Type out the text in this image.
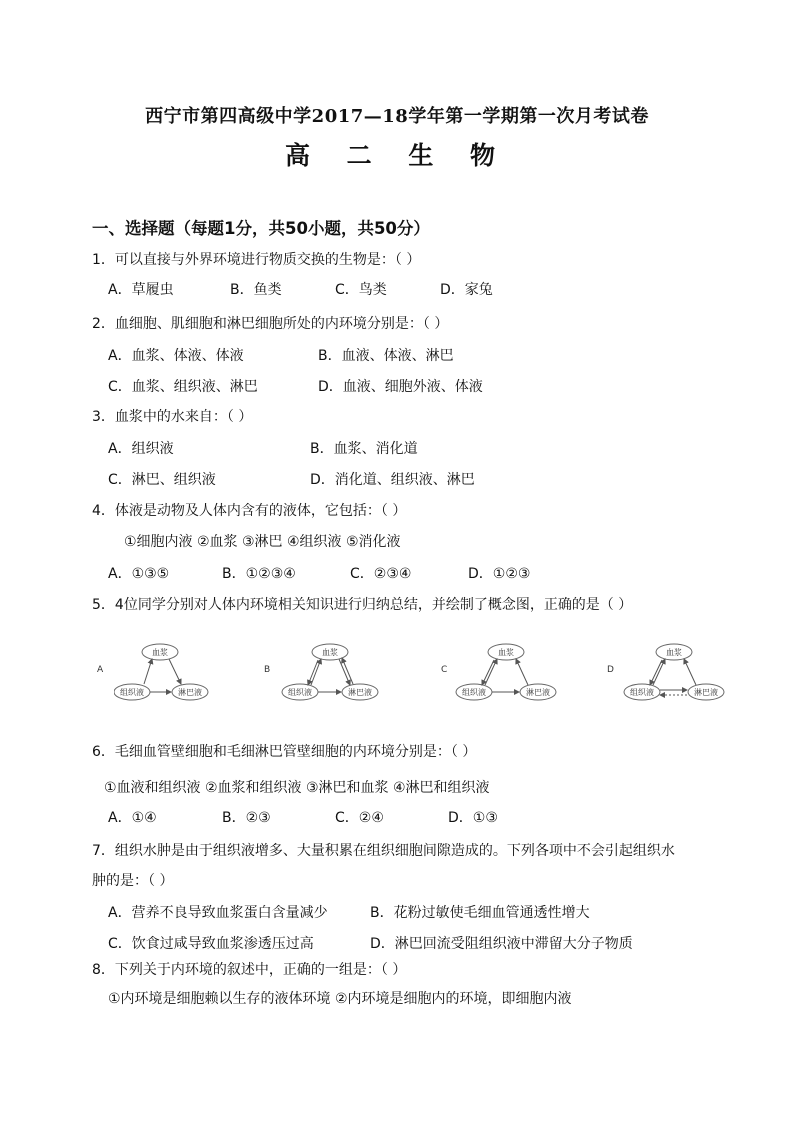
西宁市第四高级中学2017—18学年第一学期第一次月考试卷
高 二 生 物
一、选择题（每题1分，共50小题，共50分）
1．可以直接与外界环境进行物质交换的生物是：（ ）
A．草履虫	B．鱼类	C．鸟类	D．家兔
2．血细胞、肌细胞和淋巴细胞所处的内环境分别是：（ ）
A．血浆、体液、体液	B．血液、体液、淋巴
C．血浆、组织液、淋巴	D．血液、细胞外液、体液
3．血浆中的水来自：（ ）
A．组织液	B．血浆、消化道
C．淋巴、组织液	D．消化道、组织液、淋巴
4．体液是动物及人体内含有的液体，它包括：（ ）
①细胞内液 ②血浆 ③淋巴 ④组织液 ⑤消化液
A．①③⑤	B．①②③④	C．②③④	D．①②③
5．4位同学分别对人体内环境相关知识进行归纳总结，并绘制了概念图，正确的是（ ）
A
血浆
组织液	淋巴液
B
血浆
组织液	淋巴液
C
血浆
组织液	淋巴液
D
血浆
组织液	淋巴液
6．毛细血管壁细胞和毛细淋巴管壁细胞的内环境分别是：（ ）
①血液和组织液 ②血浆和组织液 ③淋巴和血浆 ④淋巴和组织液
A．①④	B．②③	C．②④	D．①③
7．组织水肿是由于组织液增多、大量积累在组织细胞间隙造成的。下列各项中不会引起组织水
肿的是：（ ）
A．营养不良导致血浆蛋白含量减少	B．花粉过敏使毛细血管通透性增大
C．饮食过咸导致血浆渗透压过高	D．淋巴回流受阻组织液中滞留大分子物质
8．下列关于内环境的叙述中，正确的一组是：（ ）
①内环境是细胞赖以生存的液体环境 ②内环境是细胞内的环境，即细胞内液
